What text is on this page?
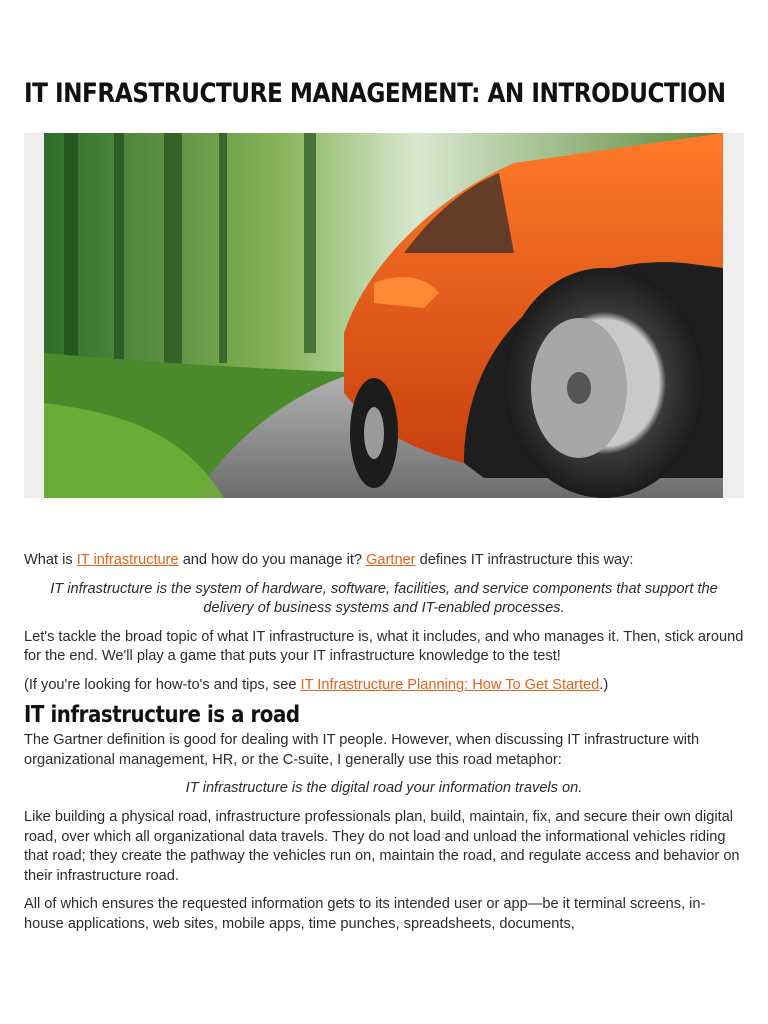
IT INFRASTRUCTURE MANAGEMENT: AN INTRODUCTION

What is IT infrastructure and how do you manage it? Gartner defines IT infrastructure this way:

IT infrastructure is the system of hardware, software, facilities, and service components that support the delivery of business systems and IT-enabled processes.

Let's tackle the broad topic of what IT infrastructure is, what it includes, and who manages it. Then, stick around for the end. We'll play a game that puts your IT infrastructure knowledge to the test!

(If you're looking for how-to's and tips, see IT Infrastructure Planning: How To Get Started.)

IT infrastructure is a road

The Gartner definition is good for dealing with IT people. However, when discussing IT infrastructure with organizational management, HR, or the C-suite, I generally use this road metaphor:

IT infrastructure is the digital road your information travels on.

Like building a physical road, infrastructure professionals plan, build, maintain, fix, and secure their own digital road, over which all organizational data travels. They do not load and unload the informational vehicles riding that road; they create the pathway the vehicles run on, maintain the road, and regulate access and behavior on their infrastructure road.

All of which ensures the requested information gets to its intended user or app—be it terminal screens, in-house applications, web sites, mobile apps, time punches, spreadsheets, documents,
